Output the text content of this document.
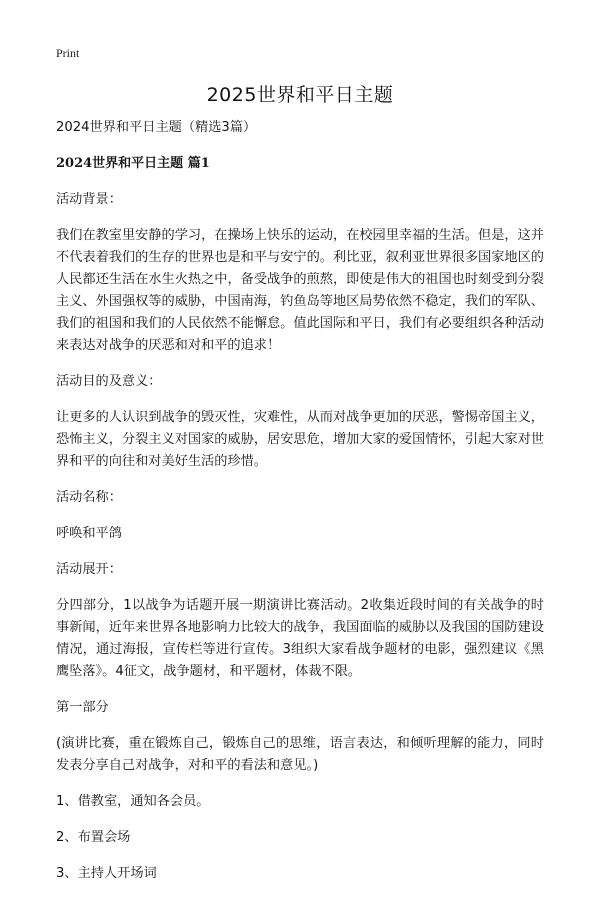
Print
2025世界和平日主题

2024世界和平日主题（精选3篇）

2024世界和平日主题 篇1

活动背景：

我们在教室里安静的学习，在操场上快乐的运动，在校园里幸福的生活。但是，这并不代表着我们的生存的世界也是和平与安宁的。利比亚，叙利亚世界很多国家地区的人民都还生活在水生火热之中，备受战争的煎熬，即使是伟大的祖国也时刻受到分裂主义、外国强权等的威胁，中国南海，钓鱼岛等地区局势依然不稳定，我们的军队、我们的祖国和我们的人民依然不能懈怠。值此国际和平日，我们有必要组织各种活动来表达对战争的厌恶和对和平的追求！

活动目的及意义：

让更多的人认识到战争的毁灭性，灾难性，从而对战争更加的厌恶，警惕帝国主义，恐怖主义，分裂主义对国家的威胁，居安思危，增加大家的爱国情怀，引起大家对世界和平的向往和对美好生活的珍惜。

活动名称：

呼唤和平鸽

活动展开：

分四部分，1以战争为话题开展一期演讲比赛活动。2收集近段时间的有关战争的时事新闻，近年来世界各地影响力比较大的战争，我国面临的威胁以及我国的国防建设情况，通过海报，宣传栏等进行宣传。3组织大家看战争题材的电影，强烈建议《黑鹰坠落》。4征文，战争题材，和平题材，体裁不限。

第一部分

(演讲比赛，重在锻炼自己，锻炼自己的思维，语言表达，和倾听理解的能力，同时发表分享自己对战争，对和平的看法和意见。)

1、借教室，通知各会员。

2、布置会场

3、主持人开场词
